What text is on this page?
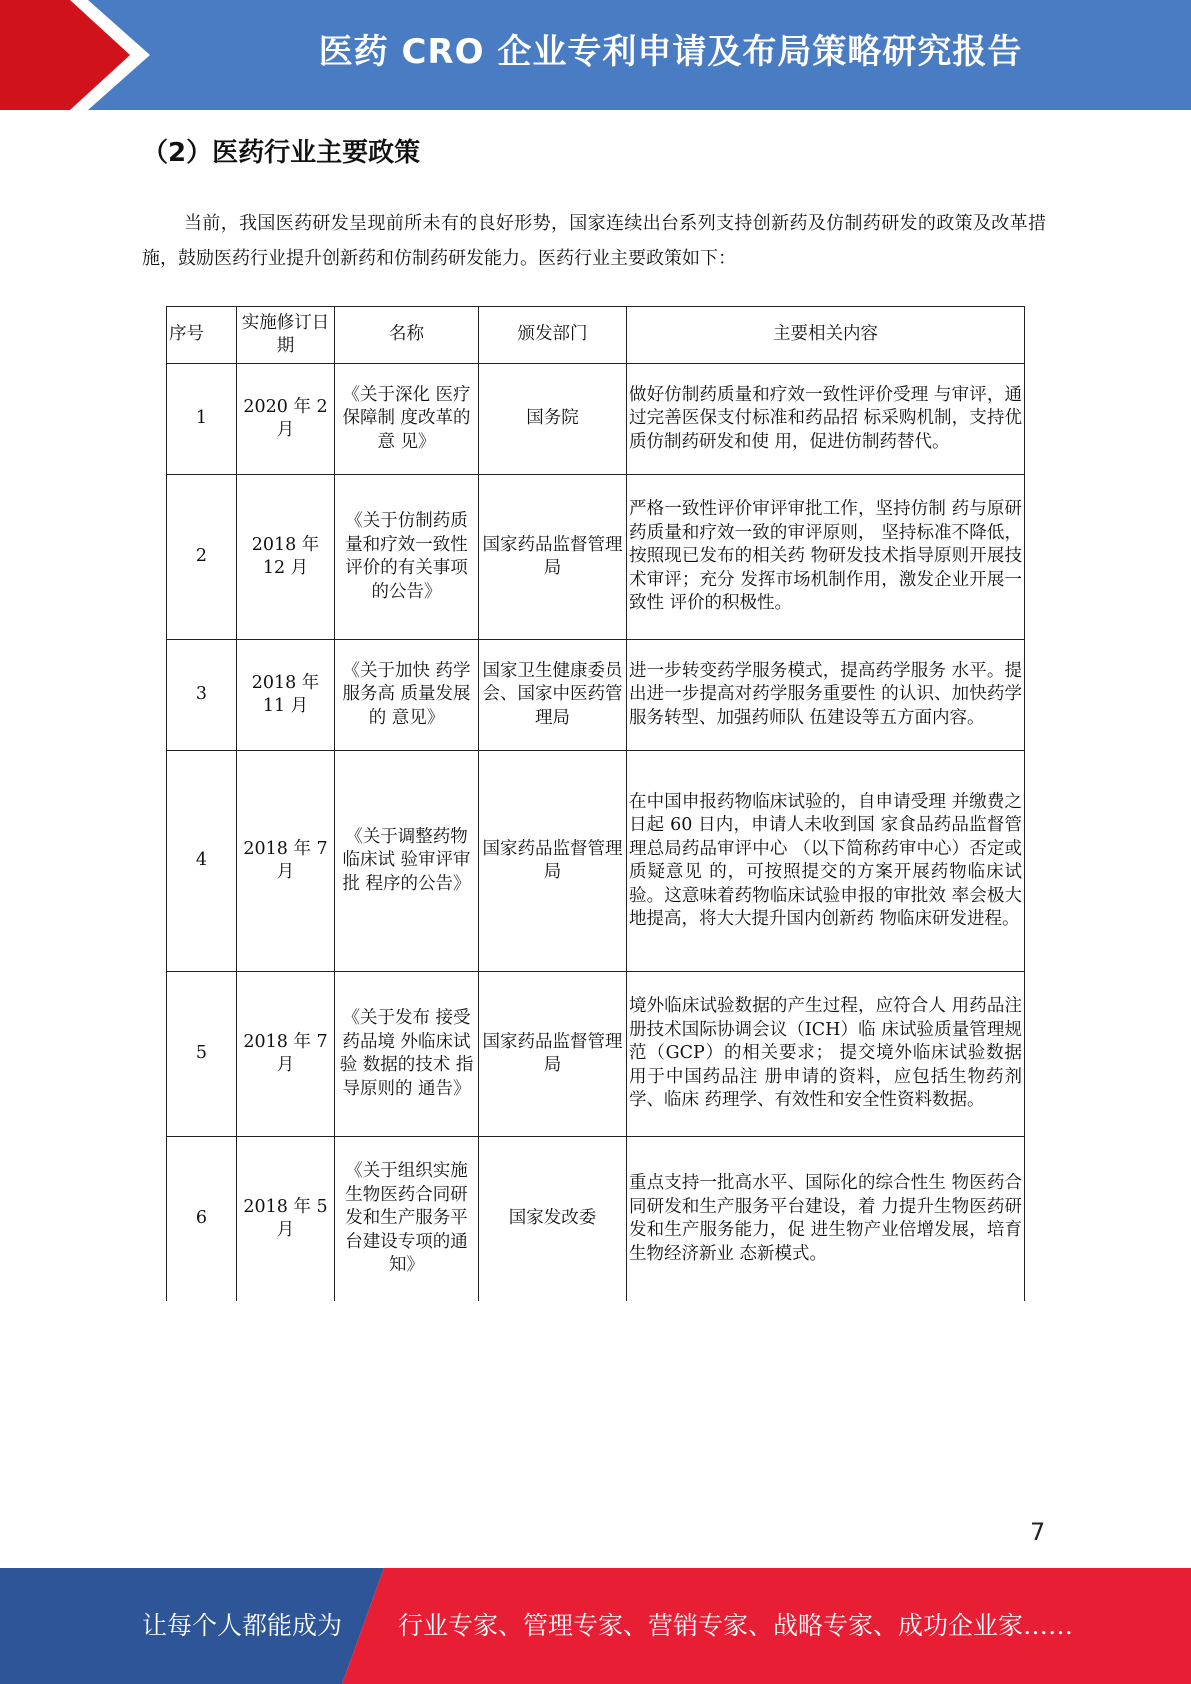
医药 CRO 企业专利申请及布局策略研究报告
（2）医药行业主要政策

当前，我国医药研发呈现前所未有的良好形势，国家连续出台系列支持创新药及仿制药研发的政策及改革措施，鼓励医药行业提升创新药和仿制药研发能力。医药行业主要政策如下：

序号	实施修订日期	名称	颁发部门	主要相关内容
1	2020 年 2 月	《关于深化 医疗保障制 度改革的意 见》	国务院	做好仿制药质量和疗效一致性评价受理 与审评，通过完善医保支付标准和药品招 标采购机制，支持优质仿制药研发和使 用，促进仿制药替代。
2	2018 年 12 月	《关于仿制药质量和疗效一致性评价的有关事项的公告》	国家药品监督管理局	严格一致性评价审评审批工作，坚持仿制 药与原研药质量和疗效一致的审评原则， 坚持标准不降低，按照现已发布的相关药 物研发技术指导原则开展技术审评；充分 发挥市场机制作用，激发企业开展一致性 评价的积极性。
3	2018 年 11 月	《关于加快 药学服务高 质量发展的 意见》	国家卫生健康委员会、国家中医药管理局	进一步转变药学服务模式，提高药学服务 水平。提出进一步提高对药学服务重要性 的认识、加快药学服务转型、加强药师队 伍建设等五方面内容。
4	2018 年 7 月	《关于调整药物临床试 验审评审批 程序的公告》	国家药品监督管理局	在中国申报药物临床试验的，自申请受理 并缴费之日起 60 日内，申请人未收到国 家食品药品监督管理总局药品审评中心 （以下简称药审中心）否定或质疑意见 的，可按照提交的方案开展药物临床试 验。这意味着药物临床试验申报的审批效 率会极大地提高，将大大提升国内创新药 物临床研发进程。
5	2018 年 7 月	《关于发布 接受药品境 外临床试验 数据的技术 指导原则的 通告》	国家药品监督管理局	境外临床试验数据的产生过程，应符合人 用药品注册技术国际协调会议（ICH）临 床试验质量管理规范（GCP）的相关要求； 提交境外临床试验数据用于中国药品注 册申请的资料，应包括生物药剂学、临床 药理学、有效性和安全性资料数据。
6	2018 年 5 月	《关于组织实施生物医药合同研发和生产服务平台建设专项的通知》	国家发改委	重点支持一批高水平、国际化的综合性生 物医药合同研发和生产服务平台建设，着 力提升生物医药研发和生产服务能力，促 进生物产业倍增发展，培育生物经济新业 态新模式。
7
让每个人都能成为 行业专家、管理专家、营销专家、战略专家、成功企业家……
